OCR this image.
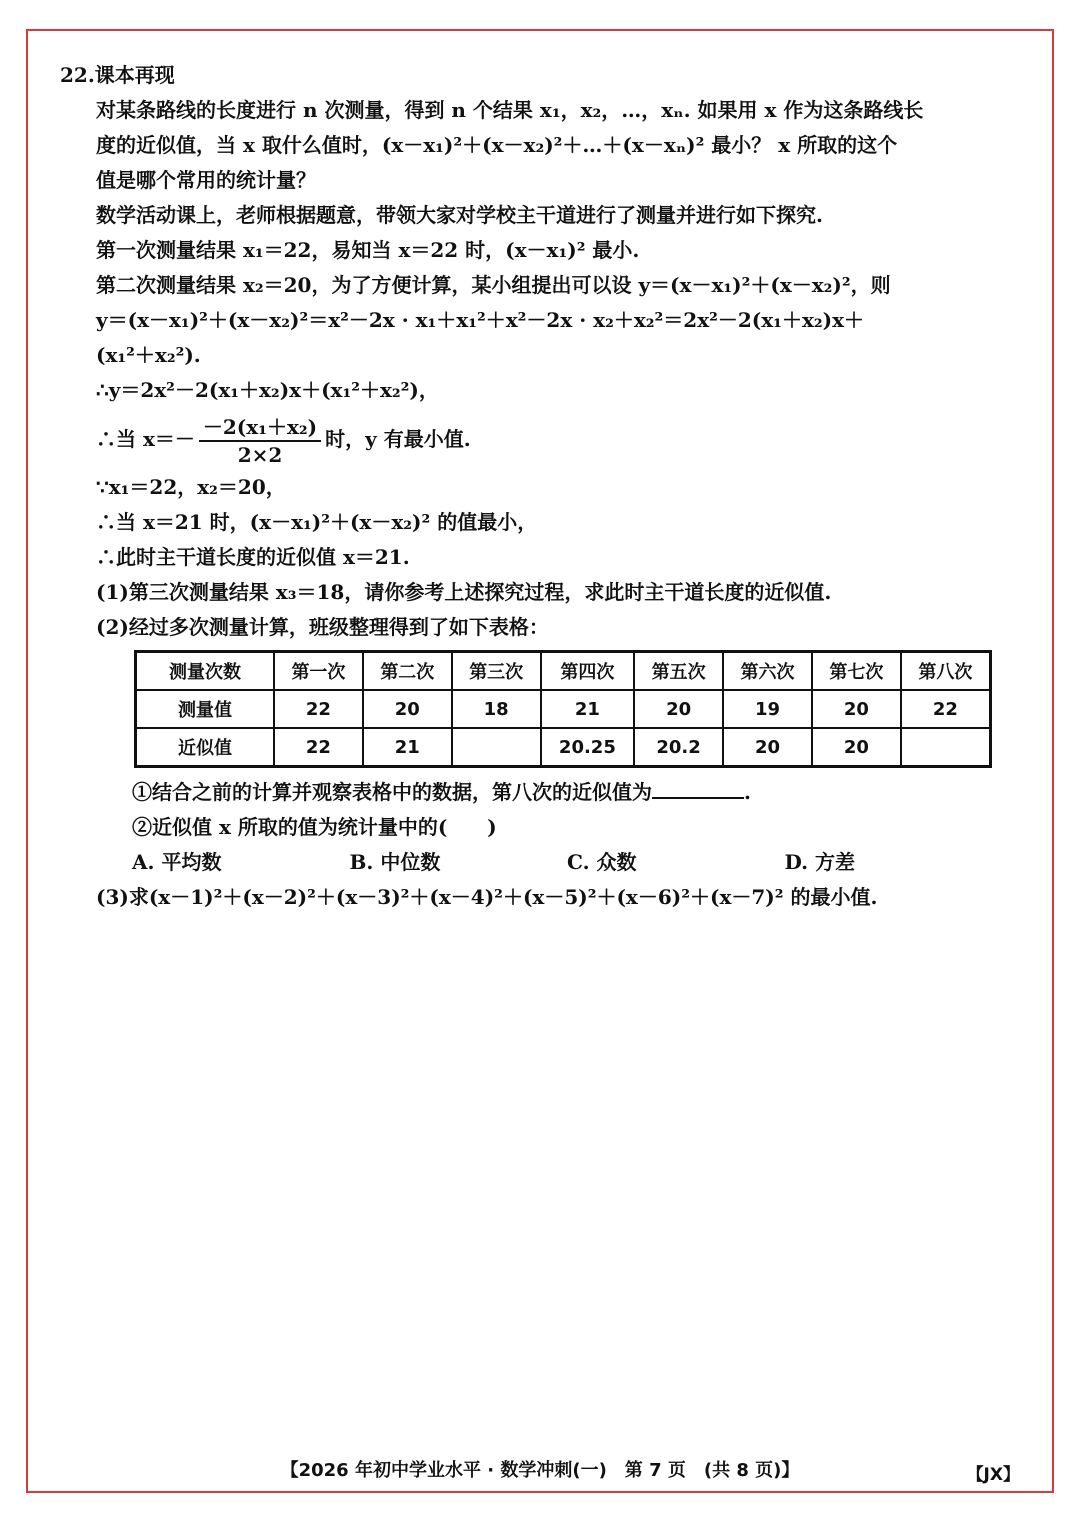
22.课本再现
对某条路线的长度进行 n 次测量，得到 n 个结果 x₁，x₂，…，xₙ. 如果用 x 作为这条路线长
度的近似值，当 x 取什么值时，(x－x₁)²＋(x－x₂)²＋…＋(x－xₙ)² 最小？ x 所取的这个
值是哪个常用的统计量？
数学活动课上，老师根据题意，带领大家对学校主干道进行了测量并进行如下探究.
第一次测量结果 x₁＝22，易知当 x＝22 时，(x－x₁)² 最小.
第二次测量结果 x₂＝20，为了方便计算，某小组提出可以设 y＝(x－x₁)²＋(x－x₂)²，则
y＝(x－x₁)²＋(x－x₂)²＝x²－2x · x₁＋x₁²＋x²－2x · x₂＋x₂²＝2x²－2(x₁＋x₂)x＋
(x₁²＋x₂²).
∴y＝2x²－2(x₁＋x₂)x＋(x₁²＋x₂²)，
∴当 $x=- \frac{\text{－2(x₁＋x₂)}}{2\times 2}$ 时，y 有最小值.
∵x₁＝22，x₂＝20，
∴当 x＝21 时，(x－x₁)²＋(x－x₂)² 的值最小，
∴此时主干道长度的近似值 x＝21.
(1)第三次测量结果 x₃＝18，请你参考上述探究过程，求此时主干道长度的近似值.
(2)经过多次测量计算，班级整理得到了如下表格：
测量次数	第一次	第二次	第三次	第四次	第五次	第六次	第七次	第八次
测量值	22	20	18	21	20	19	20	22
近似值	22	21		20.25	20.2	20	20	
①结合之前的计算并观察表格中的数据，第八次的近似值为	.
②近似值 x 所取的值为统计量中的(　　)
A. 平均数	B. 中位数	C. 众数	D. 方差
(3)求(x－1)²＋(x－2)²＋(x－3)²＋(x－4)²＋(x－5)²＋(x－6)²＋(x－7)² 的最小值.
【2026 年初中学业水平 · 数学冲刺(一)　第 7 页　(共 8 页)】	【JX】
